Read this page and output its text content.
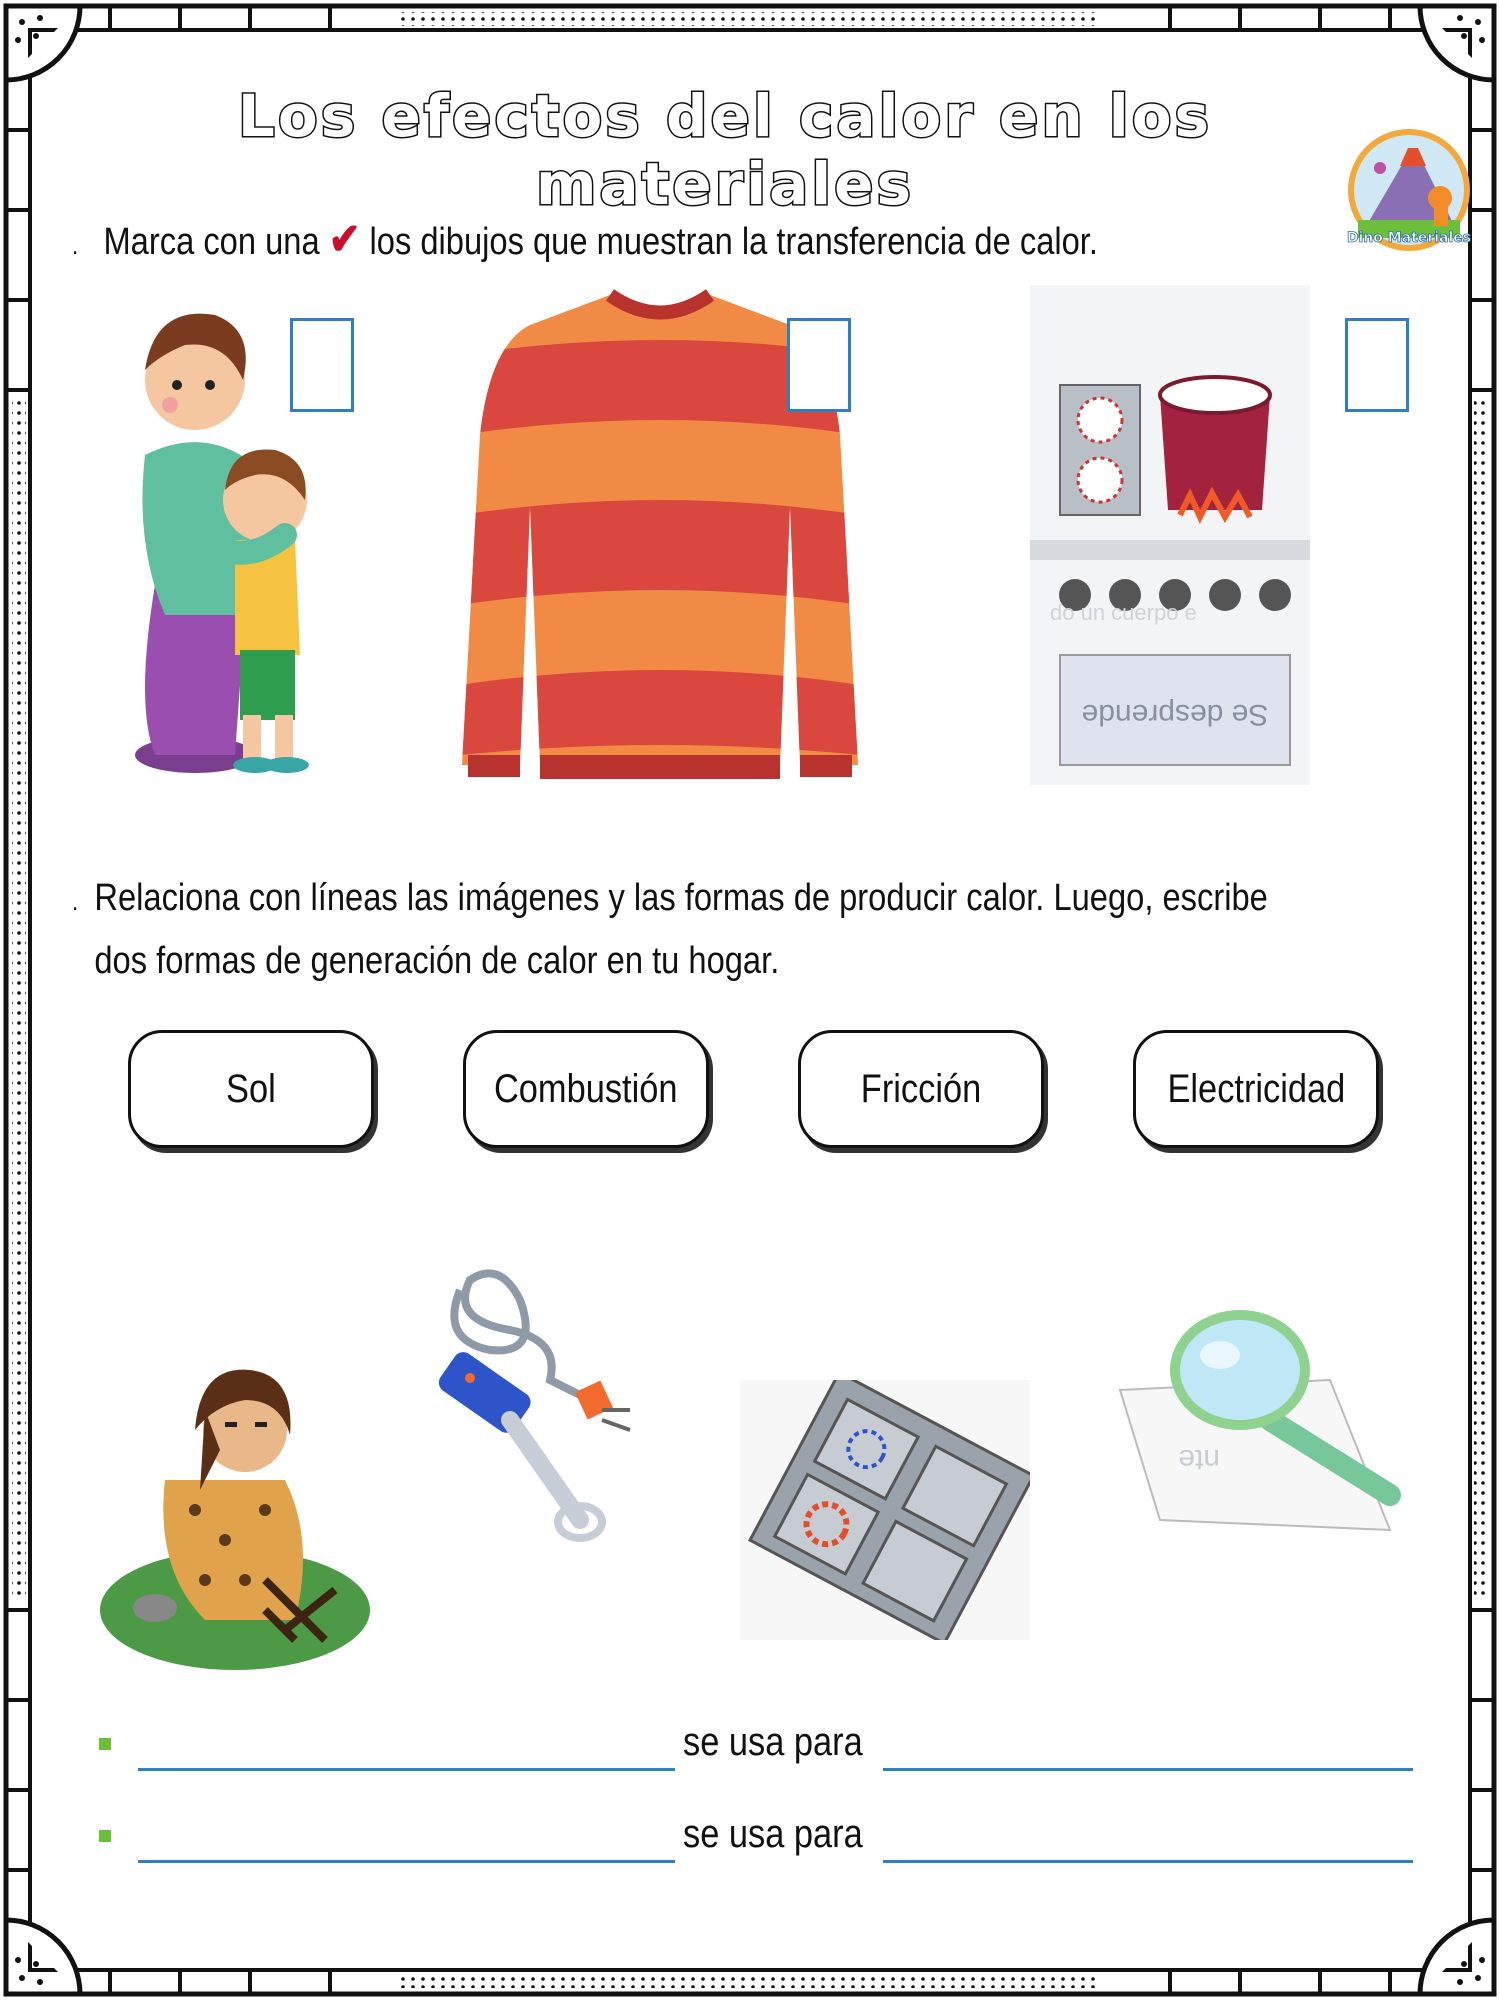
Los efectos del calor en los materiales
Dino Materiales
. Marca con una ✔ los dibujos que muestran la transferencia de calor.
Se desprende
do un cuerpo e
. Relaciona con líneas las imágenes y las formas de producir calor. Luego, escribe
dos formas de generación de calor en tu hogar.
Sol	Combustión	Fricción	Electricidad
nte
se usa para
se usa para
